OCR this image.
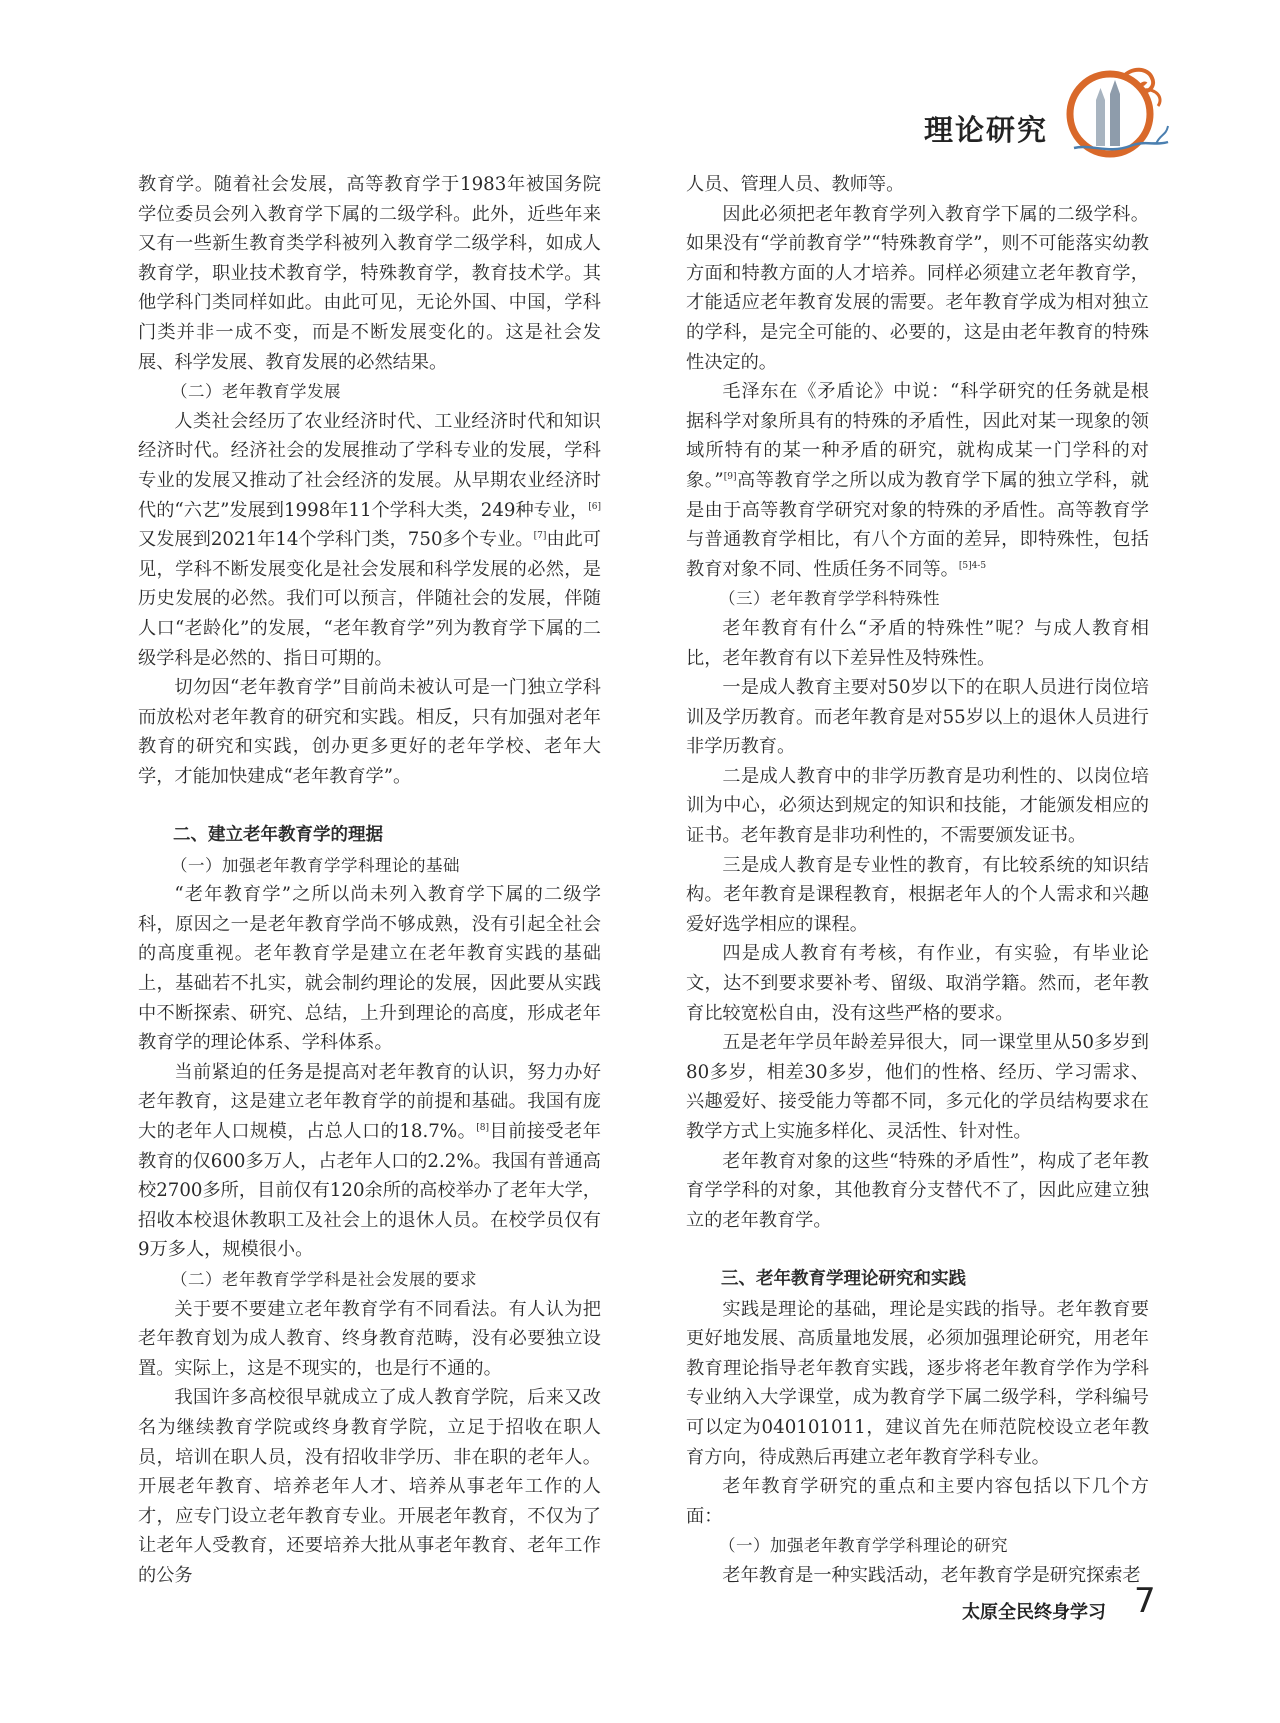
理论研究

教育学。随着社会发展，高等教育学于1983年被国务院学位委员会列入教育学下属的二级学科。此外，近些年来又有一些新生教育类学科被列入教育学二级学科，如成人教育学，职业技术教育学，特殊教育学，教育技术学。其他学科门类同样如此。由此可见，无论外国、中国，学科门类并非一成不变，而是不断发展变化的。这是社会发展、科学发展、教育发展的必然结果。

（二）老年教育学发展

人类社会经历了农业经济时代、工业经济时代和知识经济时代。经济社会的发展推动了学科专业的发展，学科专业的发展又推动了社会经济的发展。从早期农业经济时代的“六艺”发展到1998年11个学科大类，249种专业，[6]又发展到2021年14个学科门类，750多个专业。[7]由此可见，学科不断发展变化是社会发展和科学发展的必然，是历史发展的必然。我们可以预言，伴随社会的发展，伴随人口“老龄化”的发展，“老年教育学”列为教育学下属的二级学科是必然的、指日可期的。

切勿因“老年教育学”目前尚未被认可是一门独立学科而放松对老年教育的研究和实践。相反，只有加强对老年教育的研究和实践，创办更多更好的老年学校、老年大学，才能加快建成“老年教育学”。

二、建立老年教育学的理据
（一）加强老年教育学学科理论的基础

“老年教育学”之所以尚未列入教育学下属的二级学科，原因之一是老年教育学尚不够成熟，没有引起全社会的高度重视。老年教育学是建立在老年教育实践的基础上，基础若不扎实，就会制约理论的发展，因此要从实践中不断探索、研究、总结，上升到理论的高度，形成老年教育学的理论体系、学科体系。

当前紧迫的任务是提高对老年教育的认识，努力办好老年教育，这是建立老年教育学的前提和基础。我国有庞大的老年人口规模，占总人口的18.7%。[8]目前接受老年教育的仅600多万人，占老年人口的2.2%。我国有普通高校2700多所，目前仅有120余所的高校举办了老年大学，招收本校退休教职工及社会上的退休人员。在校学员仅有9万多人，规模很小。

（二）老年教育学学科是社会发展的要求

关于要不要建立老年教育学有不同看法。有人认为把老年教育划为成人教育、终身教育范畴，没有必要独立设置。实际上，这是不现实的，也是行不通的。

我国许多高校很早就成立了成人教育学院，后来又改名为继续教育学院或终身教育学院，立足于招收在职人员，培训在职人员，没有招收非学历、非在职的老年人。开展老年教育、培养老年人才、培养从事老年工作的人才，应专门设立老年教育专业。开展老年教育，不仅为了让老年人受教育，还要培养大批从事老年教育、老年工作的公务

人员、管理人员、教师等。

因此必须把老年教育学列入教育学下属的二级学科。如果没有“学前教育学”“特殊教育学”，则不可能落实幼教方面和特教方面的人才培养。同样必须建立老年教育学，才能适应老年教育发展的需要。老年教育学成为相对独立的学科，是完全可能的、必要的，这是由老年教育的特殊性决定的。

毛泽东在《矛盾论》中说：“科学研究的任务就是根据科学对象所具有的特殊的矛盾性，因此对某一现象的领域所特有的某一种矛盾的研究，就构成某一门学科的对象。”[9]高等教育学之所以成为教育学下属的独立学科，就是由于高等教育学研究对象的特殊的矛盾性。高等教育学与普通教育学相比，有八个方面的差异，即特殊性，包括教育对象不同、性质任务不同等。$^{[5]4-5}$

（三）老年教育学学科特殊性

老年教育有什么“矛盾的特殊性”呢？与成人教育相比，老年教育有以下差异性及特殊性。

一是成人教育主要对50岁以下的在职人员进行岗位培训及学历教育。而老年教育是对55岁以上的退休人员进行非学历教育。

二是成人教育中的非学历教育是功利性的、以岗位培训为中心，必须达到规定的知识和技能，才能颁发相应的证书。老年教育是非功利性的，不需要颁发证书。

三是成人教育是专业性的教育，有比较系统的知识结构。老年教育是课程教育，根据老年人的个人需求和兴趣爱好选学相应的课程。

四是成人教育有考核，有作业，有实验，有毕业论文，达不到要求要补考、留级、取消学籍。然而，老年教育比较宽松自由，没有这些严格的要求。

五是老年学员年龄差异很大，同一课堂里从50多岁到80多岁，相差30多岁，他们的性格、经历、学习需求、兴趣爱好、接受能力等都不同，多元化的学员结构要求在教学方式上实施多样化、灵活性、针对性。

老年教育对象的这些“特殊的矛盾性”，构成了老年教育学学科的对象，其他教育分支替代不了，因此应建立独立的老年教育学。

三、老年教育学理论研究和实践

实践是理论的基础，理论是实践的指导。老年教育要更好地发展、高质量地发展，必须加强理论研究，用老年教育理论指导老年教育实践，逐步将老年教育学作为学科专业纳入大学课堂，成为教育学下属二级学科，学科编号可以定为040101011，建议首先在师范院校设立老年教育方向，待成熟后再建立老年教育学科专业。

老年教育学研究的重点和主要内容包括以下几个方面：

（一）加强老年教育学学科理论的研究

老年教育是一种实践活动，老年教育学是研究探索老

太原全民终身学习 7
